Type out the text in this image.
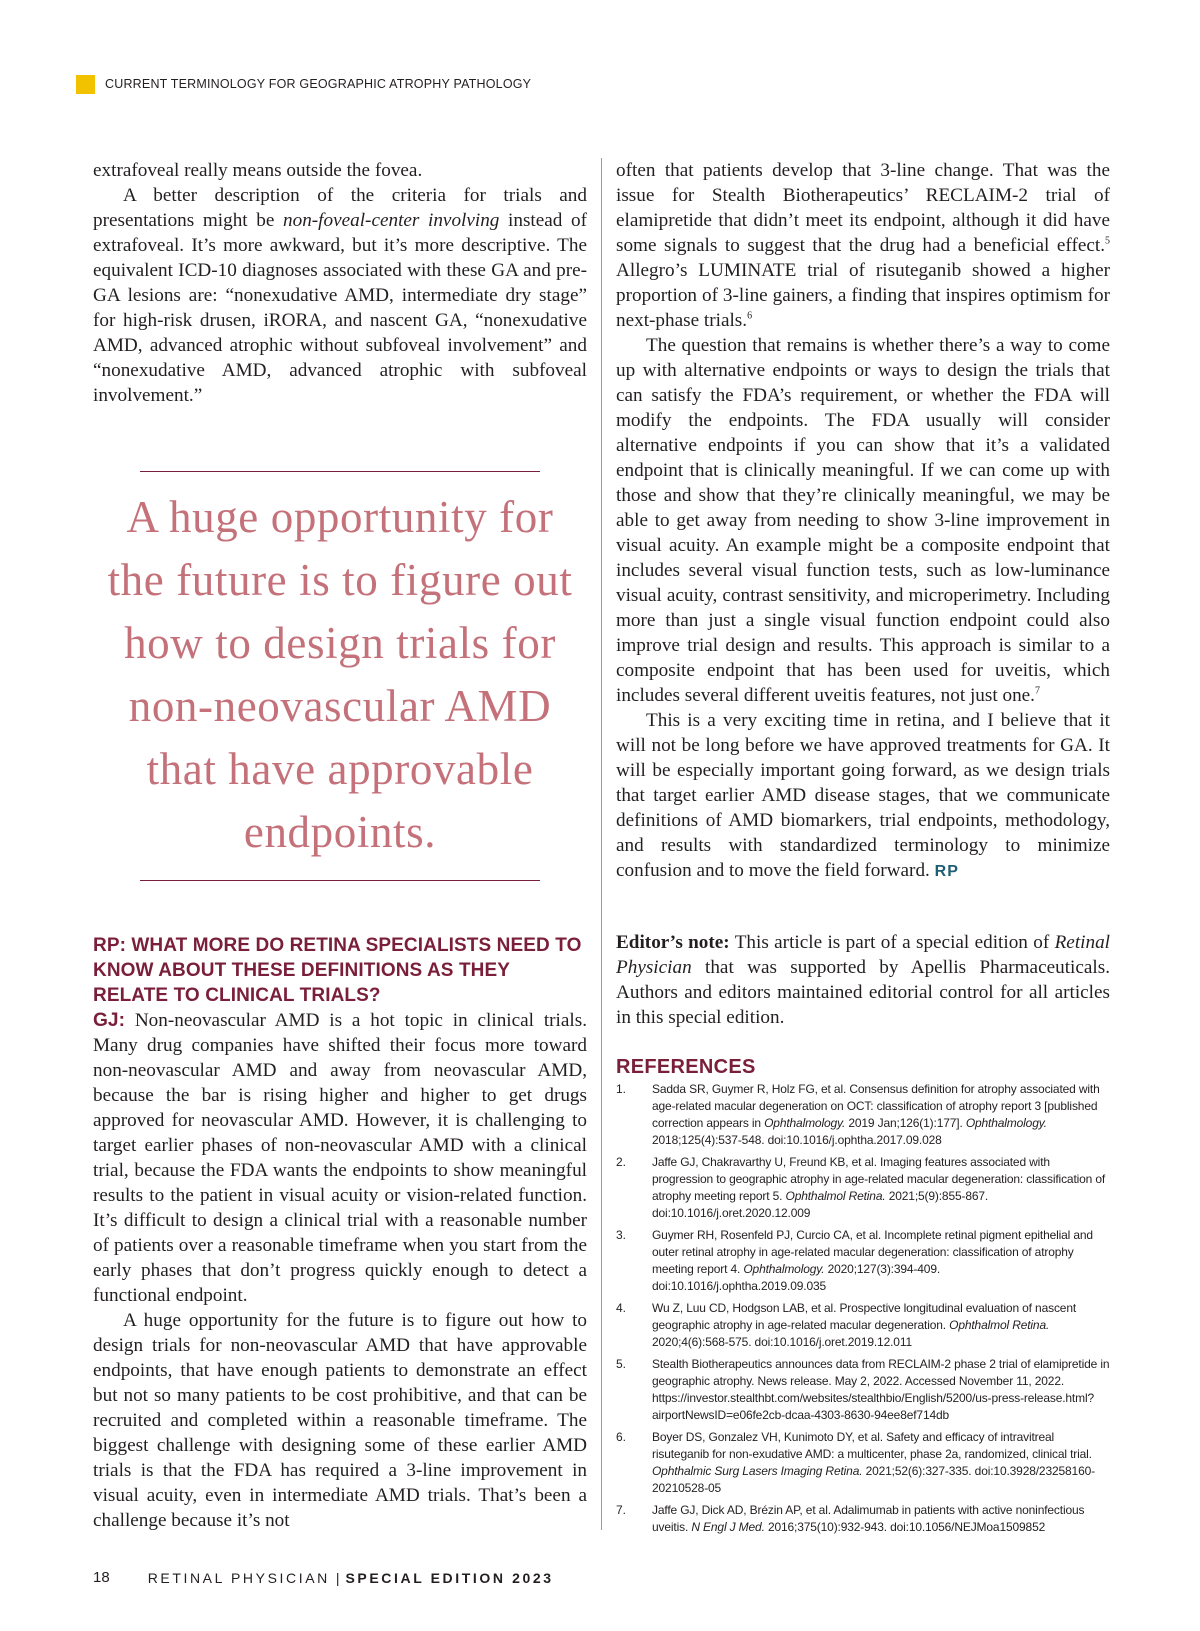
CURRENT TERMINOLOGY FOR GEOGRAPHIC ATROPHY PATHOLOGY

extrafoveal really means outside the fovea.

A better description of the criteria for trials and presentations might be non-foveal-center involving instead of extrafoveal. It’s more awkward, but it’s more descriptive. The equivalent ICD-10 diagnoses associated with these GA and pre-GA lesions are: “nonexudative AMD, intermediate dry stage” for high-risk drusen, iRORA, and nascent GA, “nonexudative AMD, advanced atrophic without subfoveal involvement” and “nonexudative AMD, advanced atrophic with subfoveal involvement.”

A huge opportunity for the future is to figure out how to design trials for non-neovascular AMD that have approvable endpoints.
RP: WHAT MORE DO RETINA SPECIALISTS NEED TO KNOW ABOUT THESE DEFINITIONS AS THEY RELATE TO CLINICAL TRIALS?

GJ: Non-neovascular AMD is a hot topic in clinical trials. Many drug companies have shifted their focus more toward non-neovascular AMD and away from neovascular AMD, because the bar is rising higher and higher to get drugs approved for neovascular AMD. However, it is challenging to target earlier phases of non-neovascular AMD with a clinical trial, because the FDA wants the endpoints to show meaningful results to the patient in visual acuity or vision-related function. It’s difficult to design a clinical trial with a reasonable number of patients over a reasonable timeframe when you start from the early phases that don’t progress quickly enough to detect a functional endpoint.

A huge opportunity for the future is to figure out how to design trials for non-neovascular AMD that have approvable endpoints, that have enough patients to demonstrate an effect but not so many patients to be cost prohibitive, and that can be recruited and completed within a reasonable timeframe. The biggest challenge with designing some of these earlier AMD trials is that the FDA has required a 3-line improvement in visual acuity, even in intermediate AMD trials. That’s been a challenge because it’s not

often that patients develop that 3-line change. That was the issue for Stealth Biotherapeutics’ RECLAIM-2 trial of elamipretide that didn’t meet its endpoint, although it did have some signals to suggest that the drug had a beneficial effect.$^5$ Allegro’s LUMINATE trial of risuteganib showed a higher proportion of 3-line gainers, a finding that inspires optimism for next-phase trials.$^6$

The question that remains is whether there’s a way to come up with alternative endpoints or ways to design the trials that can satisfy the FDA’s requirement, or whether the FDA will modify the endpoints. The FDA usually will consider alternative endpoints if you can show that it’s a validated endpoint that is clinically meaningful. If we can come up with those and show that they’re clinically meaningful, we may be able to get away from needing to show 3-line improvement in visual acuity. An example might be a composite endpoint that includes several visual function tests, such as low-luminance visual acuity, contrast sensitivity, and microperimetry. Including more than just a single visual function endpoint could also improve trial design and results. This approach is similar to a composite endpoint that has been used for uveitis, which includes several different uveitis features, not just one.$^7$

This is a very exciting time in retina, and I believe that it will not be long before we have approved treatments for GA. It will be especially important going forward, as we design trials that target earlier AMD disease stages, that we communicate definitions of AMD biomarkers, trial endpoints, methodology, and results with standardized terminology to minimize confusion and to move the field forward. RP

Editor’s note: This article is part of a special edition of Retinal Physician that was supported by Apellis Pharmaceuticals. Authors and editors maintained editorial control for all articles in this special edition.

REFERENCES
1.	Sadda SR, Guymer R, Holz FG, et al. Consensus definition for atrophy associated with age-related macular degeneration on OCT: classification of atrophy report 3 [published correction appears in Ophthalmology. 2019 Jan;126(1):177]. Ophthalmology. 2018;125(4):537-548. doi:10.1016/j.ophtha.2017.09.028
2.	Jaffe GJ, Chakravarthy U, Freund KB, et al. Imaging features associated with progression to geographic atrophy in age-related macular degeneration: classification of atrophy meeting report 5. Ophthalmol Retina. 2021;5(9):855-867. doi:10.1016/j.oret.2020.12.009
3.	Guymer RH, Rosenfeld PJ, Curcio CA, et al. Incomplete retinal pigment epithelial and outer retinal atrophy in age-related macular degeneration: classification of atrophy meeting report 4. Ophthalmology. 2020;127(3):394-409. doi:10.1016/j.ophtha.2019.09.035
4.	Wu Z, Luu CD, Hodgson LAB, et al. Prospective longitudinal evaluation of nascent geographic atrophy in age-related macular degeneration. Ophthalmol Retina. 2020;4(6):568-575. doi:10.1016/j.oret.2019.12.011
5.	Stealth Biotherapeutics announces data from RECLAIM-2 phase 2 trial of elamipretide in geographic atrophy. News release. May 2, 2022. Accessed November 11, 2022. https://investor.stealthbt.com/websites/stealthbio/English/5200/us-press-release.html?airportNewsID=e06fe2cb-dcaa-4303-8630-94ee8ef714db
6.	Boyer DS, Gonzalez VH, Kunimoto DY, et al. Safety and efficacy of intravitreal risuteganib for non-exudative AMD: a multicenter, phase 2a, randomized, clinical trial. Ophthalmic Surg Lasers Imaging Retina. 2021;52(6):327-335. doi:10.3928/23258160-20210528-05
7.	Jaffe GJ, Dick AD, Brézin AP, et al. Adalimumab in patients with active noninfectious uveitis. N Engl J Med. 2016;375(10):932-943. doi:10.1056/NEJMoa1509852
18	RETINAL PHYSICIAN | SPECIAL EDITION 2023
